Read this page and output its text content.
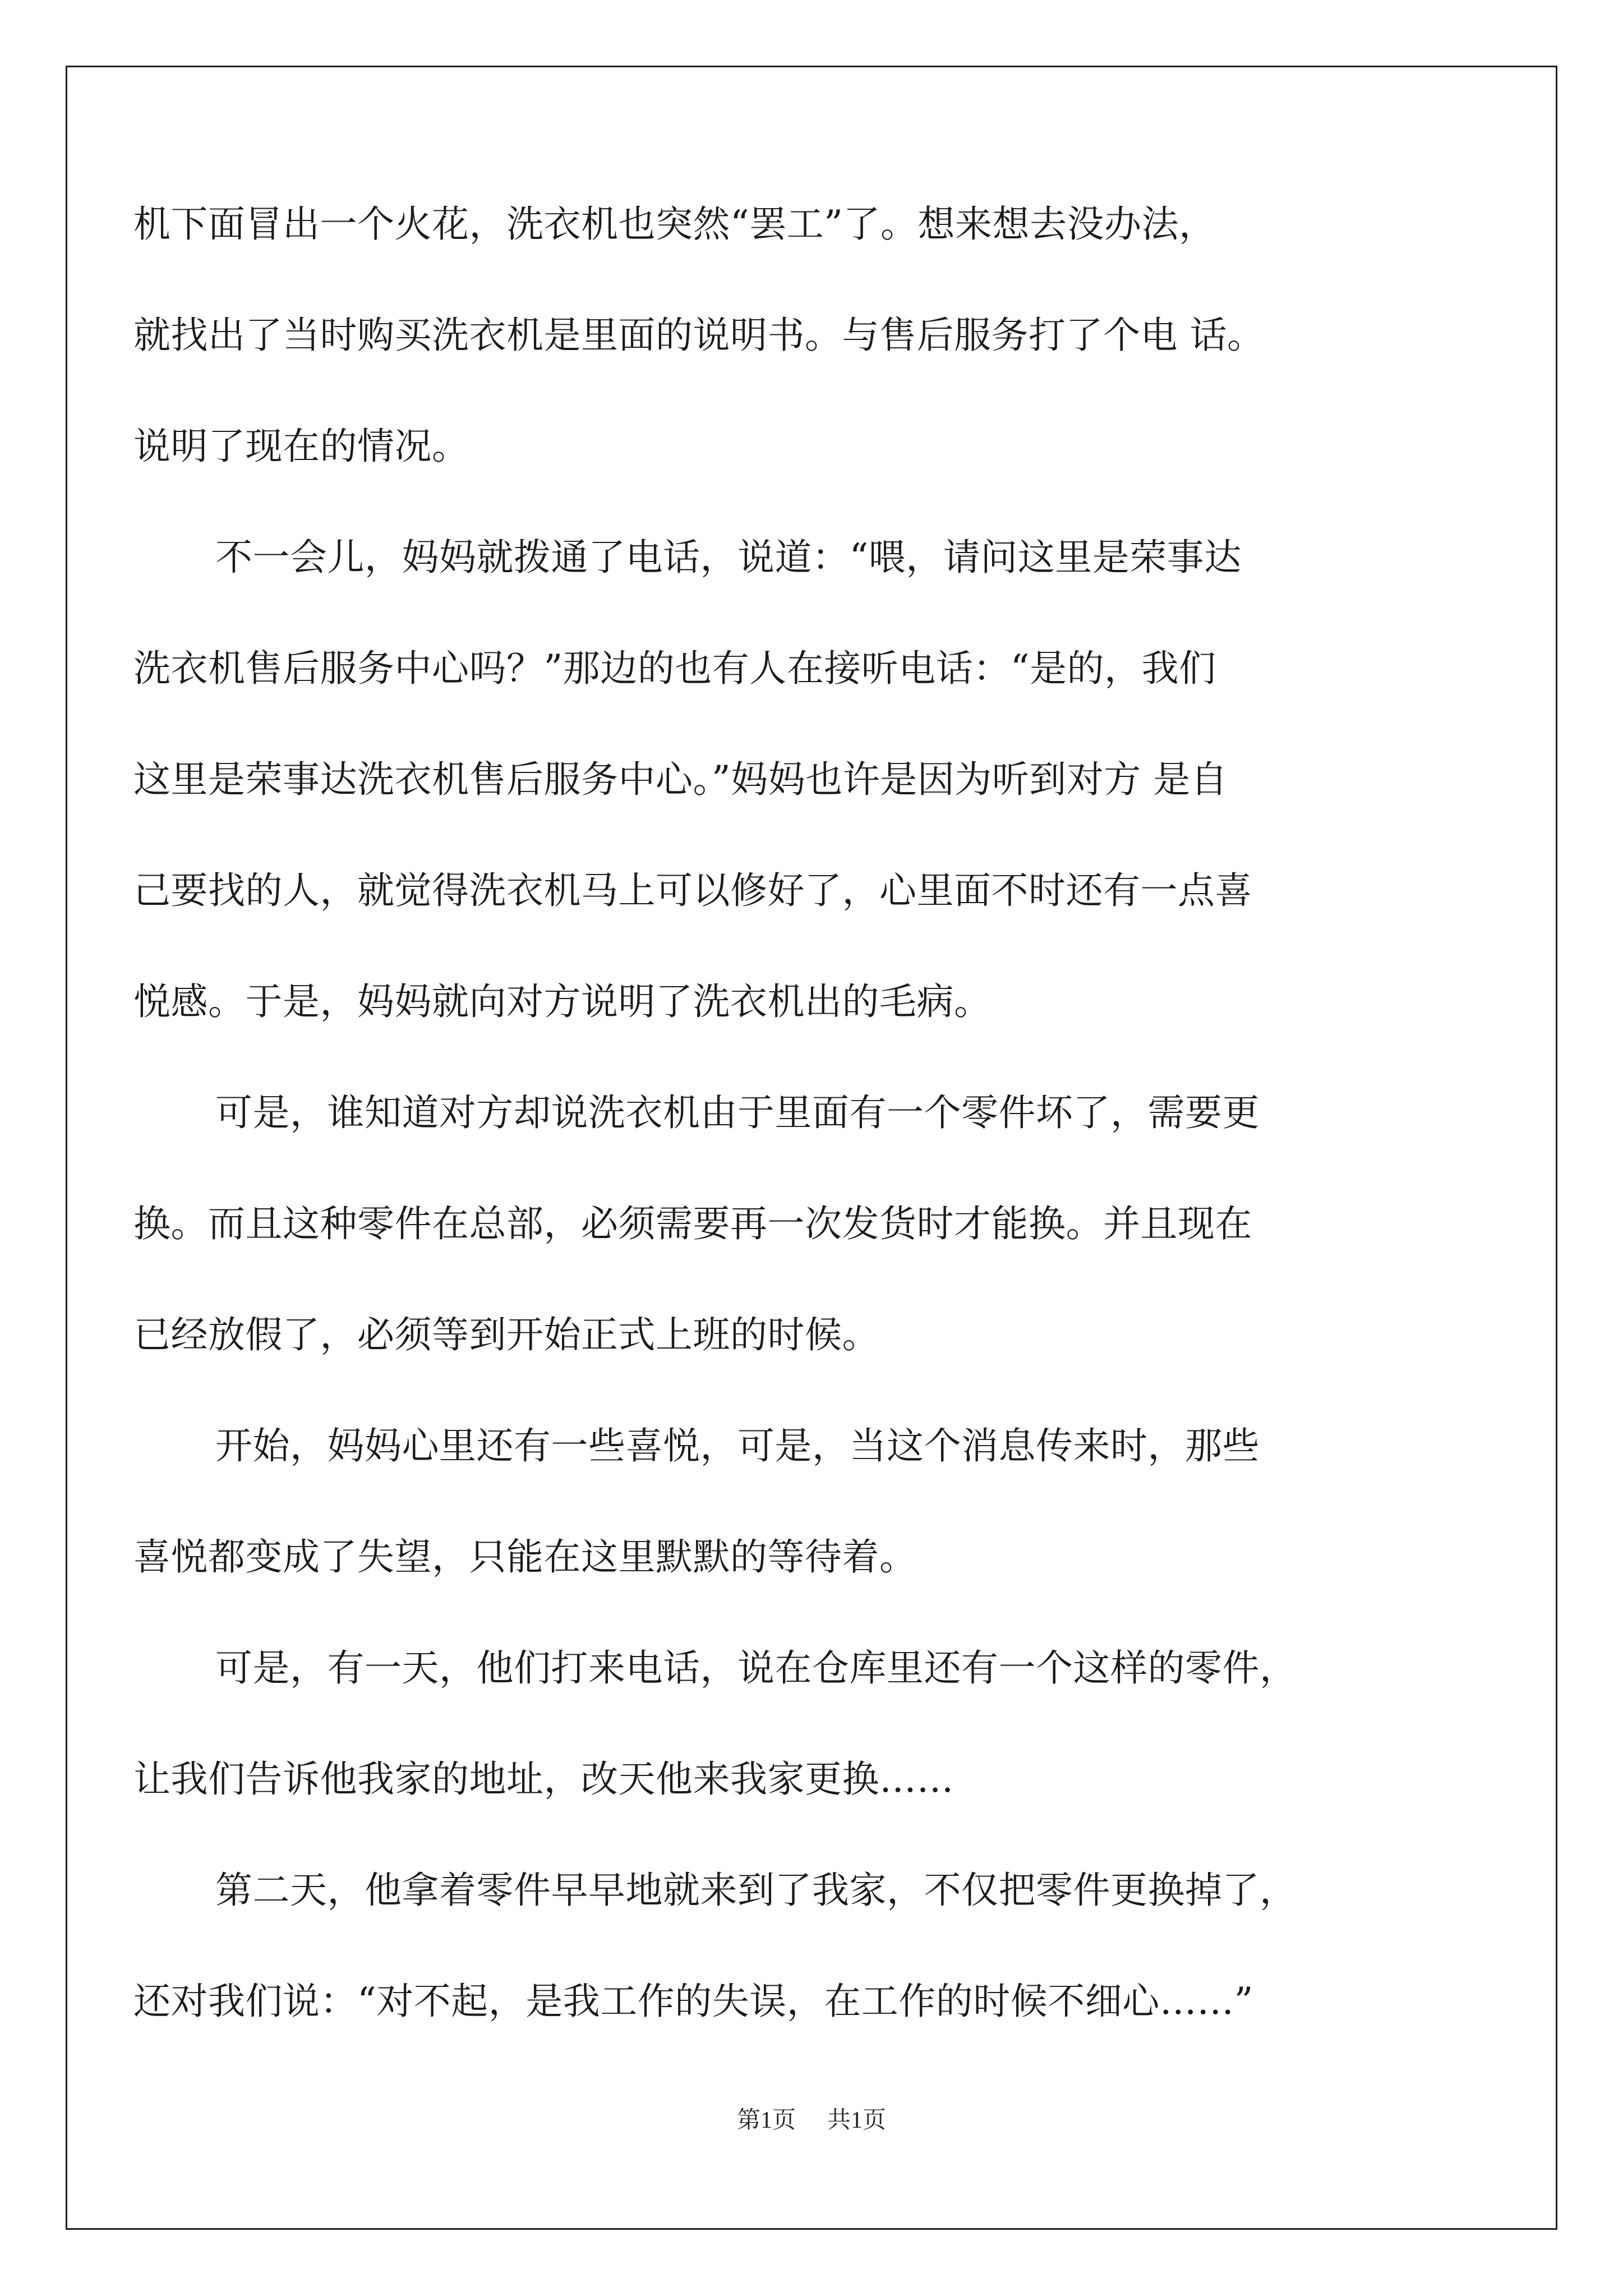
机下面冒出一个火花，洗衣机也突然“罢工”了。想来想去没办法，
就找出了当时购买洗衣机是里面的说明书。与售后服务打了个电 话。
说明了现在的情况。
不一会儿，妈妈就拨通了电话，说道：“喂，请问这里是荣事达
洗衣机售后服务中心吗？”那边的也有人在接听电话：“是的，我们
这里是荣事达洗衣机售后服务中心。”妈妈也许是因为听到对方 是自
己要找的人，就觉得洗衣机马上可以修好了，心里面不时还有一点喜
悦感。于是，妈妈就向对方说明了洗衣机出的毛病。
可是，谁知道对方却说洗衣机由于里面有一个零件坏了，需要更
换。而且这种零件在总部，必须需要再一次发货时才能换。并且现在
已经放假了，必须等到开始正式上班的时候。
开始，妈妈心里还有一些喜悦，可是，当这个消息传来时，那些
喜悦都变成了失望，只能在这里默默的等待着。
可是，有一天，他们打来电话，说在仓库里还有一个这样的零件，
让我们告诉他我家的地址，改天他来我家更换……
第二天，他拿着零件早早地就来到了我家，不仅把零件更换掉了，
还对我们说：“对不起，是我工作的失误，在工作的时候不细心……”
第1页 共1页
